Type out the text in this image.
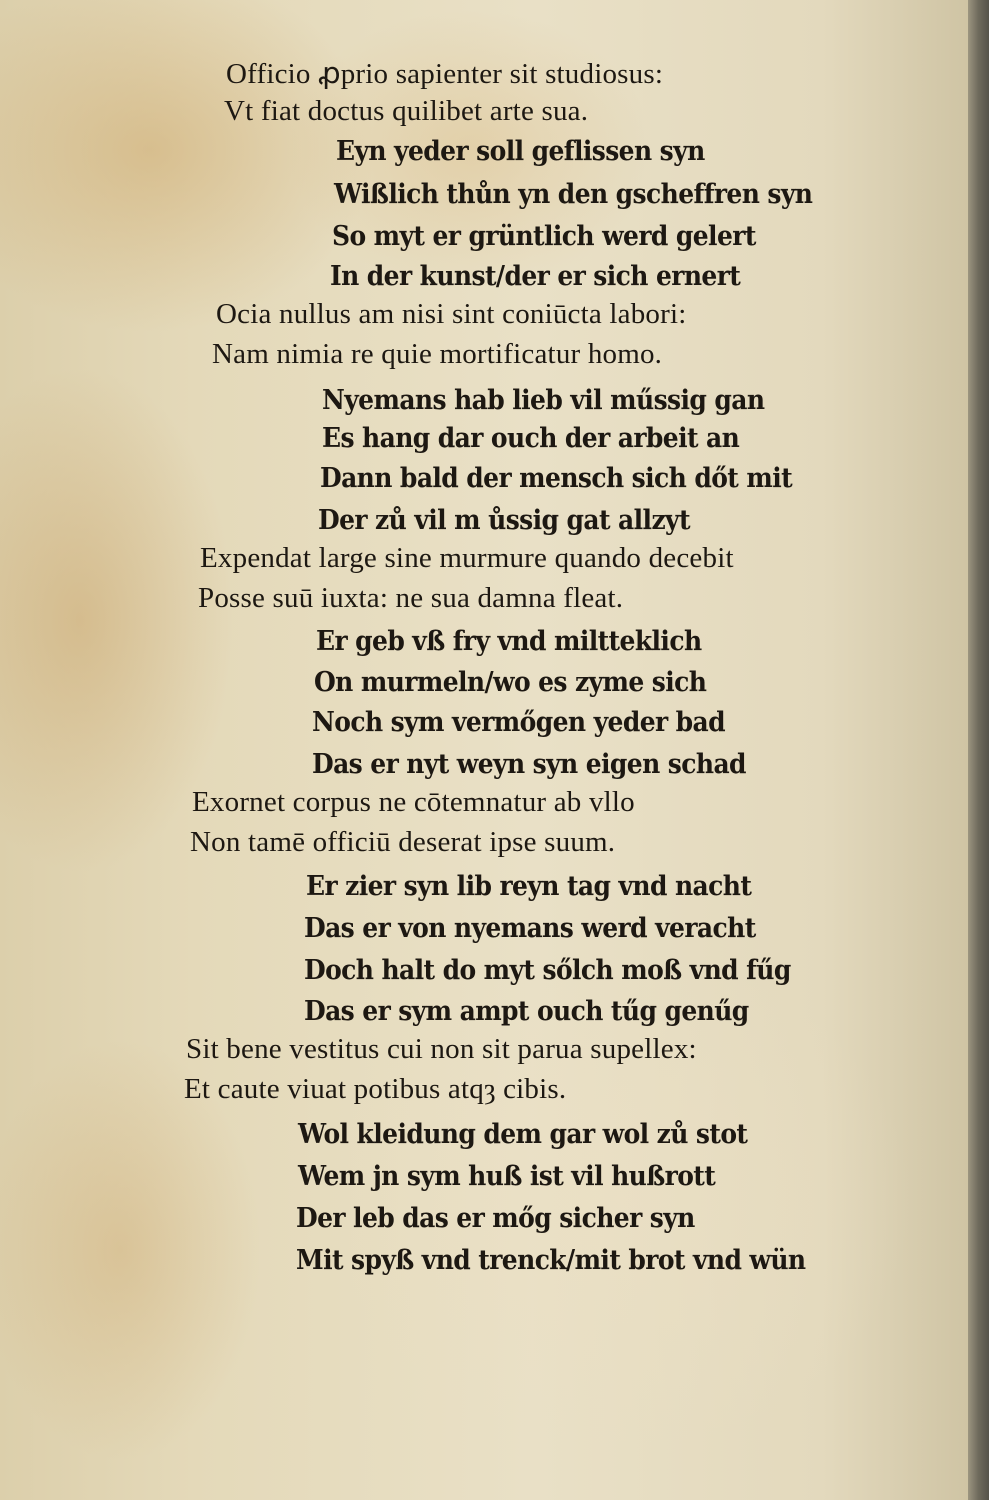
Officio ꝓprio sapienter sit studiosus:
Vt fiat doctus quilibet arte sua.
Eyn yeder soll geflissen syn
Wißlich thůn yn den gscheffren syn
So myt er grüntlich werd gelert
In der kunst/der er sich ernert
Ocia nullus am nisi sint coniūcta labori:
Nam nimia re quie mortificatur homo.
Nyemans hab lieb vil műssig gan
Es hang dar ouch der arbeit an
Dann bald der mensch sich dőt mit
Der zů vil m ůssig gat allzyt
Expendat large sine murmure quando decebit
Posse suū iuxta: ne sua damna fleat.
Er geb vß fry vnd miltteklich
On murmeln/wo es zyme sich
Noch sym vermőgen yeder bad
Das er nyt weyn syn eigen schad
Exornet corpus ne cōtemnatur ab vllo
Non tamē officiū deserat ipse suum.
Er zier syn lib reyn tag vnd nacht
Das er von nyemans werd veracht
Doch halt do myt sőlch moß vnd fűg
Das er sym ampt ouch tűg genűg
Sit bene vestitus cui non sit parua supellex:
Et caute viuat potibus atqȝ cibis.
Wol kleidung dem gar wol zů stot
Wem jn sym huß ist vil hußrott
Der leb das er mőg sicher syn
Mit spyß vnd trenck/mit brot vnd wün
